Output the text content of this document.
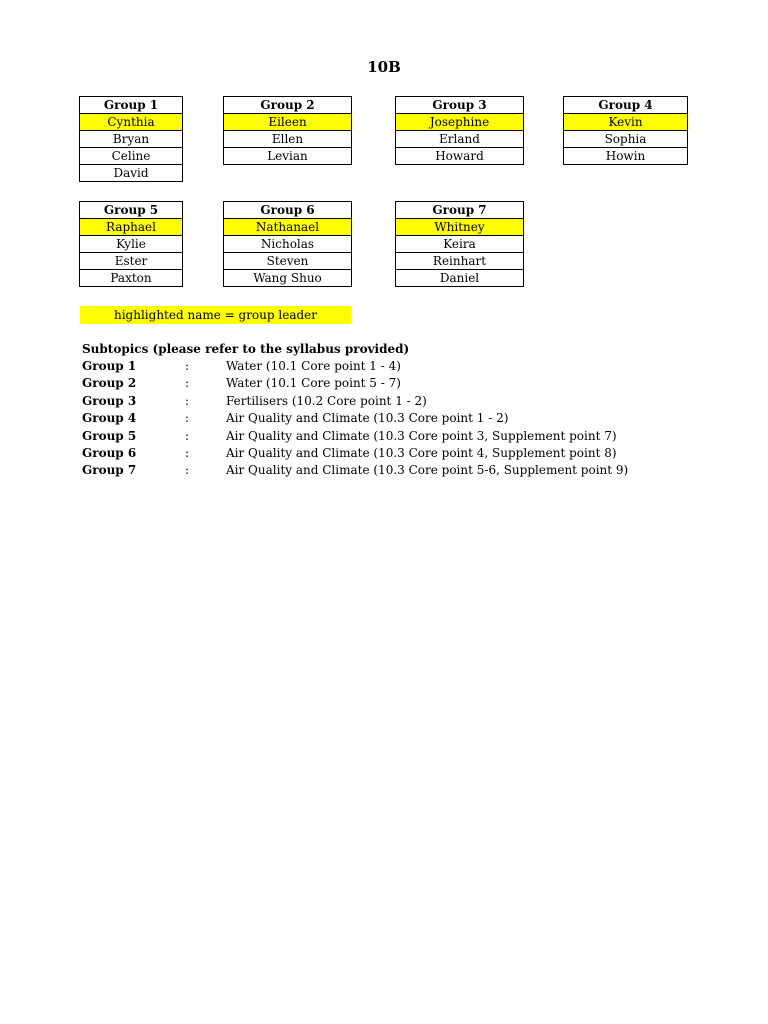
10B
Group 1
Cynthia
Bryan
Celine
David
Group 2
Eileen
Ellen
Levian
Group 3
Josephine
Erland
Howard
Group 4
Kevin
Sophia
Howin
Group 5
Raphael
Kylie
Ester
Paxton
Group 6
Nathanael
Nicholas
Steven
Wang Shuo
Group 7
Whitney
Keira
Reinhart
Daniel
highlighted name = group leader
Subtopics (please refer to the syllabus provided)
Group 1	:	Water (10.1 Core point 1 - 4)
Group 2	:	Water (10.1 Core point 5 - 7)
Group 3	:	Fertilisers (10.2 Core point 1 - 2)
Group 4	:	Air Quality and Climate (10.3 Core point 1 - 2)
Group 5	:	Air Quality and Climate (10.3 Core point 3, Supplement point 7)
Group 6	:	Air Quality and Climate (10.3 Core point 4, Supplement point 8)
Group 7	:	Air Quality and Climate (10.3 Core point 5-6, Supplement point 9)
